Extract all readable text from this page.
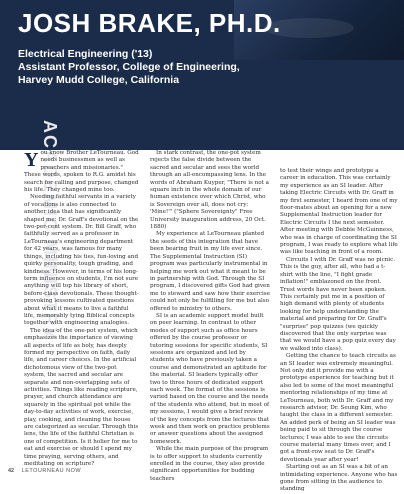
JOSH BRAKE, PH.D.
Electrical Engineering ('13)
Assistant Professor, College of Engineering,
Harvey Mudd College, California
ACADEMIC MINISTRY

You know Brother LeTourneau. God needs businessmen as well as preachers and missionaries." These words, spoken to R.G. amidst his search for calling and purpose, changed his life. They changed mine too.

Needing faithful servants in a variety of vocations is also connected to another idea that has significantly shaped me: Dr. Graff's devotional on the two-per-cent system. Dr. Bill Graff, who faithfully served as a professor in LeTourneau's engineering department for 42 years, was famous for many things, including his ties, fun-loving and quirky personality, tough grading, and kindness. However, in terms of his long-term influence on students, I'm not sure anything will top his library of short, before-class devotionals. These thought-provoking lessons cultivated questions about what it means to live a faithful life, memorably tying Biblical concepts together with engineering analogies.

The idea of the one-pot system, which emphasizes the importance of viewing all aspects of life as holy, has deeply formed my perspective on faith, daily life, and career choices. In the artificial dichotomous view of the two-pot system, the sacred and secular are separate and non-overlapping sets of activities. Things like reading scripture, prayer, and church attendance are squarely in the spiritual pot while the day-to-day activities of work, exercise, play, cooking, and cleaning the house are categorized as secular. Through this lens, the life of the faithful Christian is one of competition. Is it holier for me to eat and exercise or should I spend my time praying, serving others, and meditating on scripture?

In stark contrast, the one-pot system rejects the false divide between the sacred and secular and sees the world through an all-encompassing lens. In the words of Abraham Kuyper, "There is not a square inch in the whole domain of our human existence over which Christ, who is Sovereign over all, does not cry: 'Mine!'" ("Sphere Sovereignty" Free University inauguration address, 20 Oct. 1880)

My experience at LeTourneau planted the seeds of this integration that have been bearing fruit in my life ever since. The Supplemental Instruction (SI) program was particularly instrumental in helping me work out what it meant to be in partnership with God. Through the SI program, I discovered gifts God had given me to steward and saw how their exercise could not only be fulfilling for me but also offered to ministry to others.

SI is an academic support model built on peer learning. In contrast to other modes of support such as office hours offered by the course professor or tutoring sessions for specific students, SI sessions are organized and led by students who have previously taken a course and demonstrated an aptitude for the material. SI leaders typically offer two to three hours of dedicated support each week. The format of the sessions is varied based on the course and the needs of the students who attend, but in most of my sessions, I would give a brief review of the key concepts from the lectures that week and then work on practice problems or answer questions about the assigned homework.

While the main purpose of the program is to offer support to students currently enrolled in the course, they also provide significant opportunities for budding teachers

to test their wings and prototype a career in education. This was certainly my experience as an SI leader. After taking Electric Circuits with Dr. Graff in my first semester, I heard from one of my floor-mates about an opening for a new Supplemental Instruction leader for Electric Circuits I the next semester. After meeting with Debbie McGuinness, who was in charge of coordinating the SI program, I was ready to explore what life was like teaching in front of a room.

Circuits I with Dr. Graff was no picnic. This is the guy, after all, who had a t-shirt with the line, "I fight grade inflation!" emblazoned on the front. Trust words have never been spoken. This certainly put me in a position of high demand with plenty of students looking for help understanding the material and preparing for Dr. Graff's "surprise" pop quizzes (we quickly discovered that the only surprise was that we would have a pop quiz every day we walked into class).

Getting the chance to teach circuits as an SI leader was extremely meaningful. Not only did it provide me with a prototype experience for teaching but it also led to some of the most meaningful mentoring relationships of my time at LeTourneau, both with Dr. Graff and my research advisor, Dr. Seung Kim, who taught the class in a different semester. An added perk of being an SI leader was being paid to sit through the course lectures; I was able to see the circuits course material many times over, and I got a front-row seat to Dr. Graff's devotionals year after year!

Starting out as an SI was a bit of an intimidating experience. Anyone who has gone from sitting in the audience to standing

42 LETOURNEAU NOW
